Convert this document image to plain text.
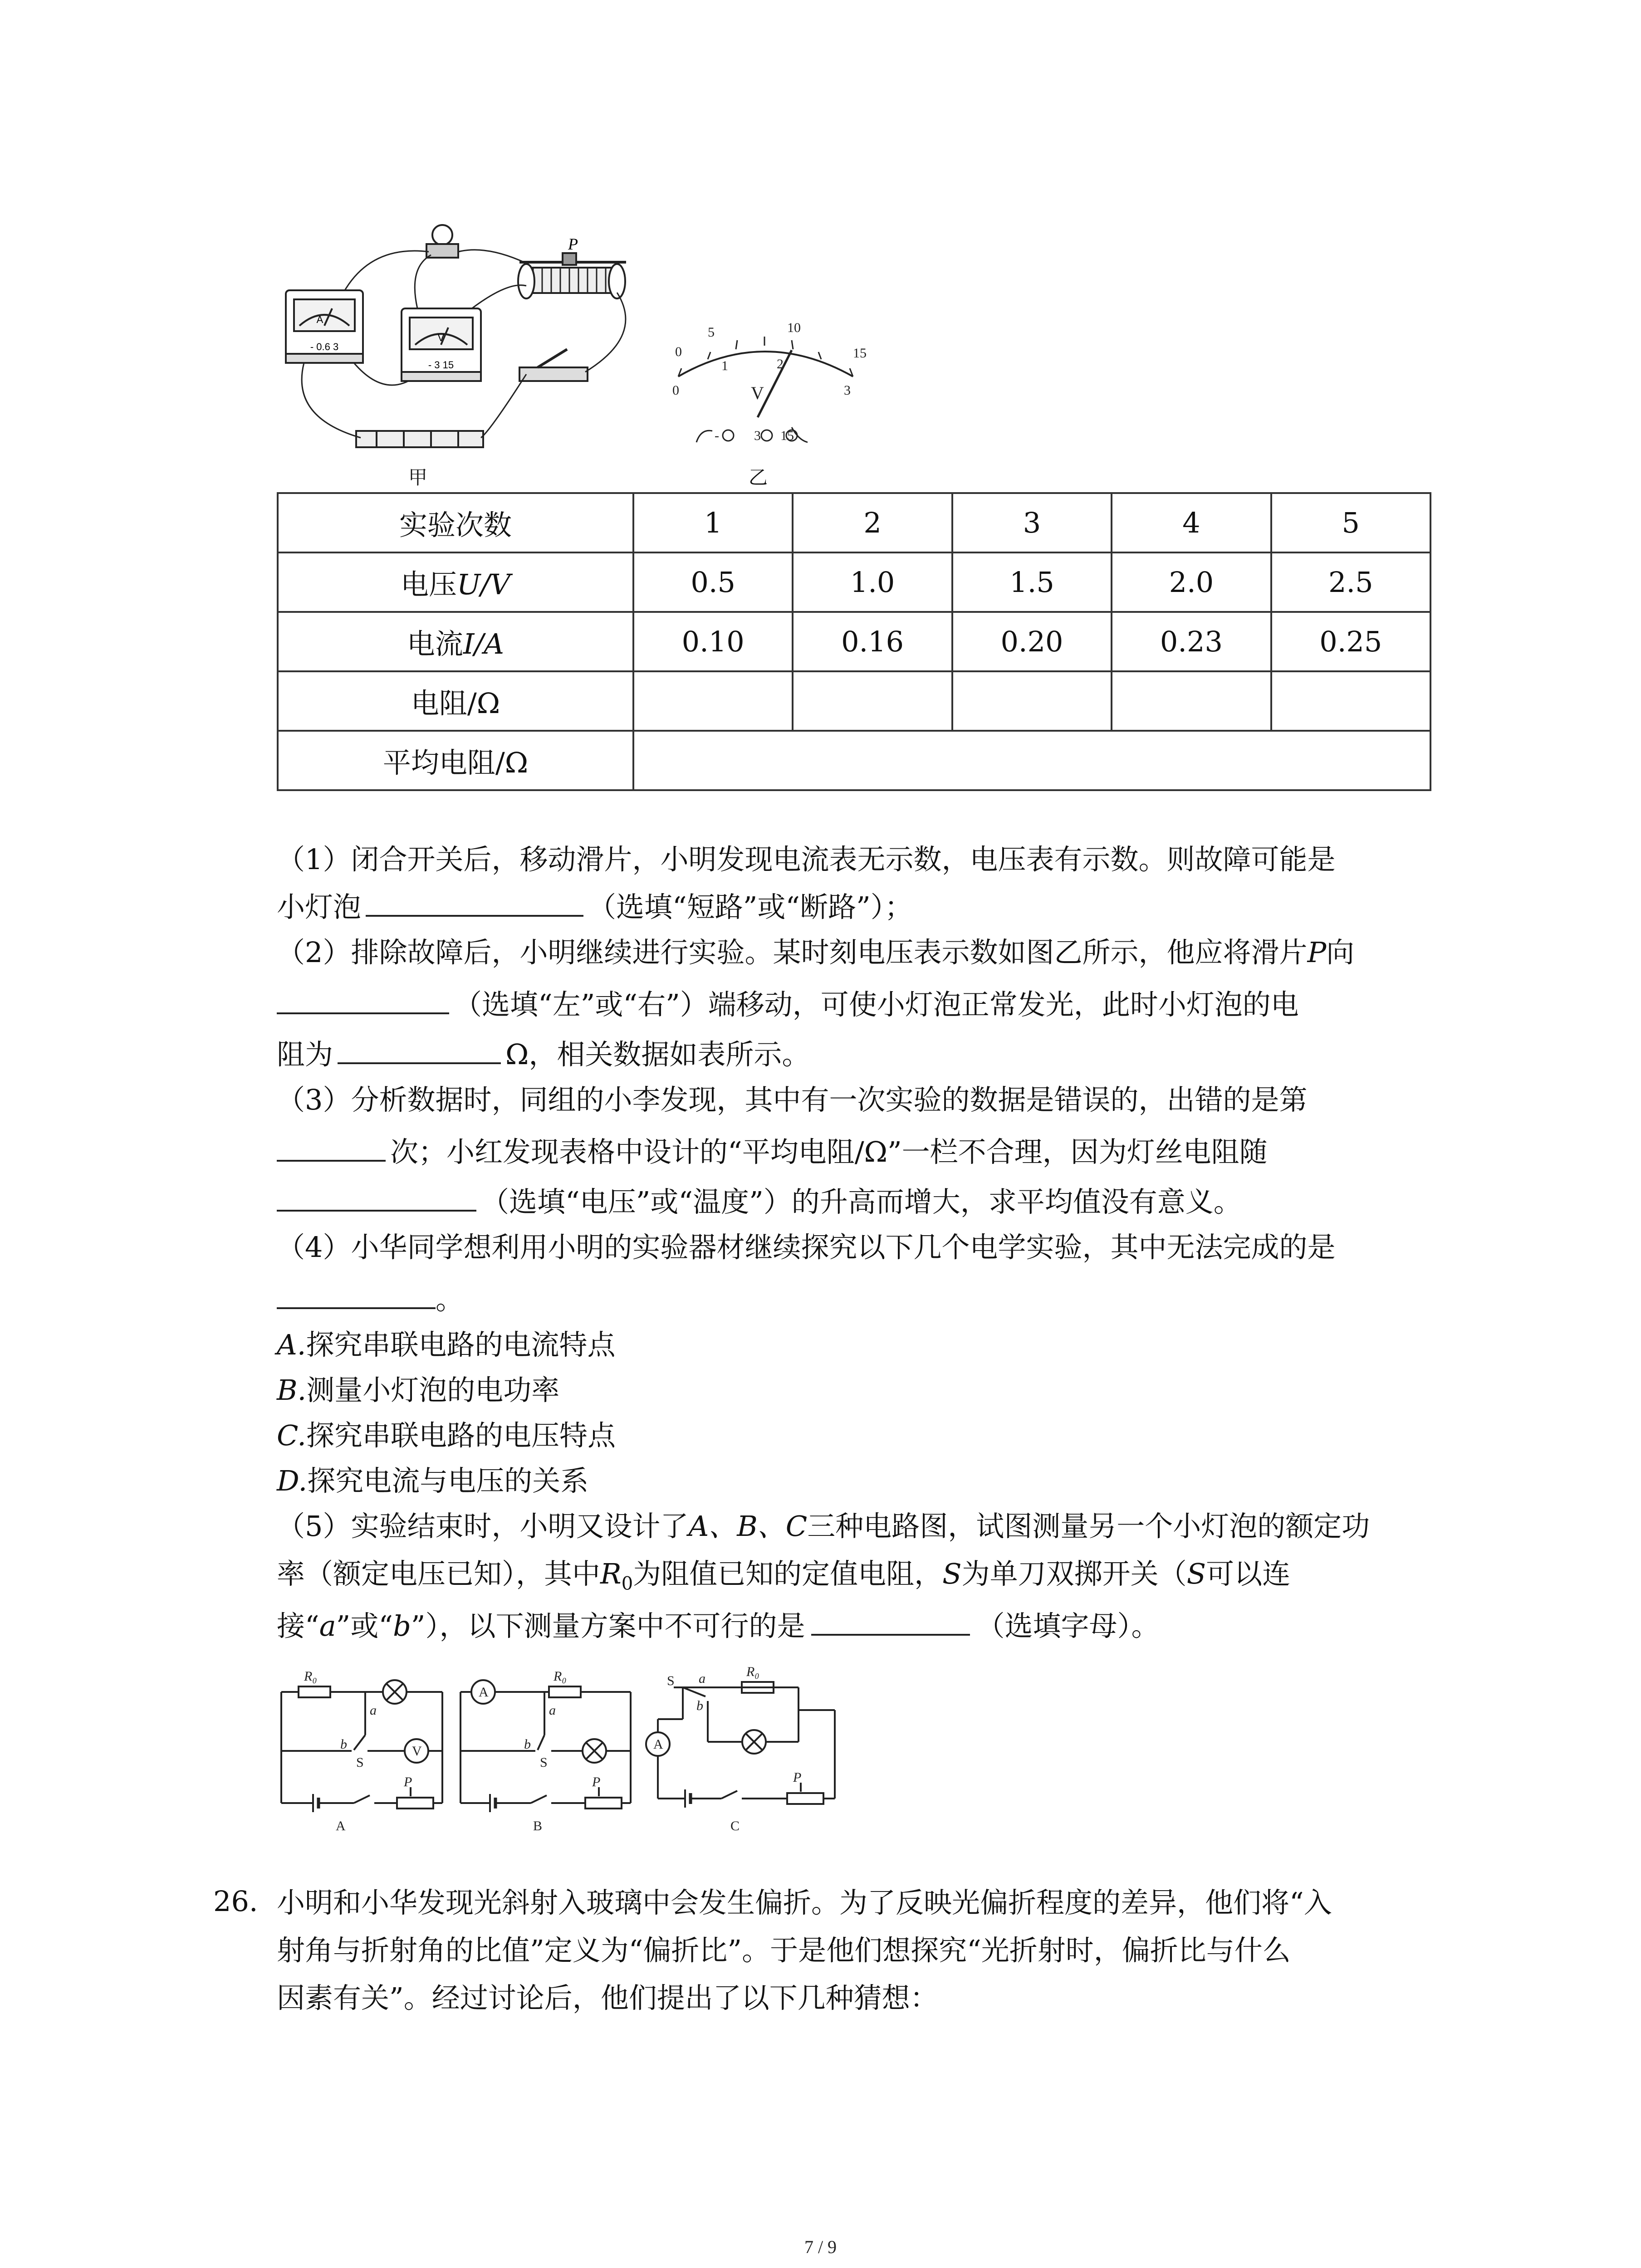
P
A
- 0.6 3
V
- 3 15
甲
0
5	10
15
0
1	2
3
V
-	3 15
乙
实验次数	1	2	3	4	5
电压U/V	0.5	1.0	1.5	2.0	2.5
电流I/A	0.10	0.16	0.20	0.23	0.25
电阻/Ω					
平均电阻/Ω					
（1）闭合开关后，移动滑片，小明发现电流表无示数，电压表有示数。则故障可能是
小灯泡	（选填“短路”或“断路”）；
（2）排除故障后，小明继续进行实验。某时刻电压表示数如图乙所示，他应将滑片P向
（选填“左”或“右”）端移动，可使小灯泡正常发光，此时小灯泡的电
阻为	Ω，相关数据如表所示。
（3）分析数据时，同组的小李发现，其中有一次实验的数据是错误的，出错的是第
次；小红发现表格中设计的“平均电阻/Ω”一栏不合理，因为灯丝电阻随
（选填“电压”或“温度”）的升高而增大，求平均值没有意义。
（4）小华同学想利用小明的实验器材继续探究以下几个电学实验，其中无法完成的是
。
A.探究串联电路的电流特点
B.测量小灯泡的电功率
C.探究串联电路的电压特点
D.探究电流与电压的关系
（5）实验结束时，小明又设计了A、B、C三种电路图，试图测量另一个小灯泡的额定功
率（额定电压已知），其中$R_0$为阻值已知的定值电阻，S为单刀双掷开关（S可以连
接“a”或“b”），以下测量方案中不可行的是	（选填字母）。
R₀
a
b
S
V
P
A
A
R₀
a
b
S
P
B
R₀
S a
b
A
P
C
26. 小明和小华发现光斜射入玻璃中会发生偏折。为了反映光偏折程度的差异，他们将“入
射角与折射角的比值”定义为“偏折比”。于是他们想探究“光折射时，偏折比与什么
因素有关”。经过讨论后，他们提出了以下几种猜想：
7 / 9
